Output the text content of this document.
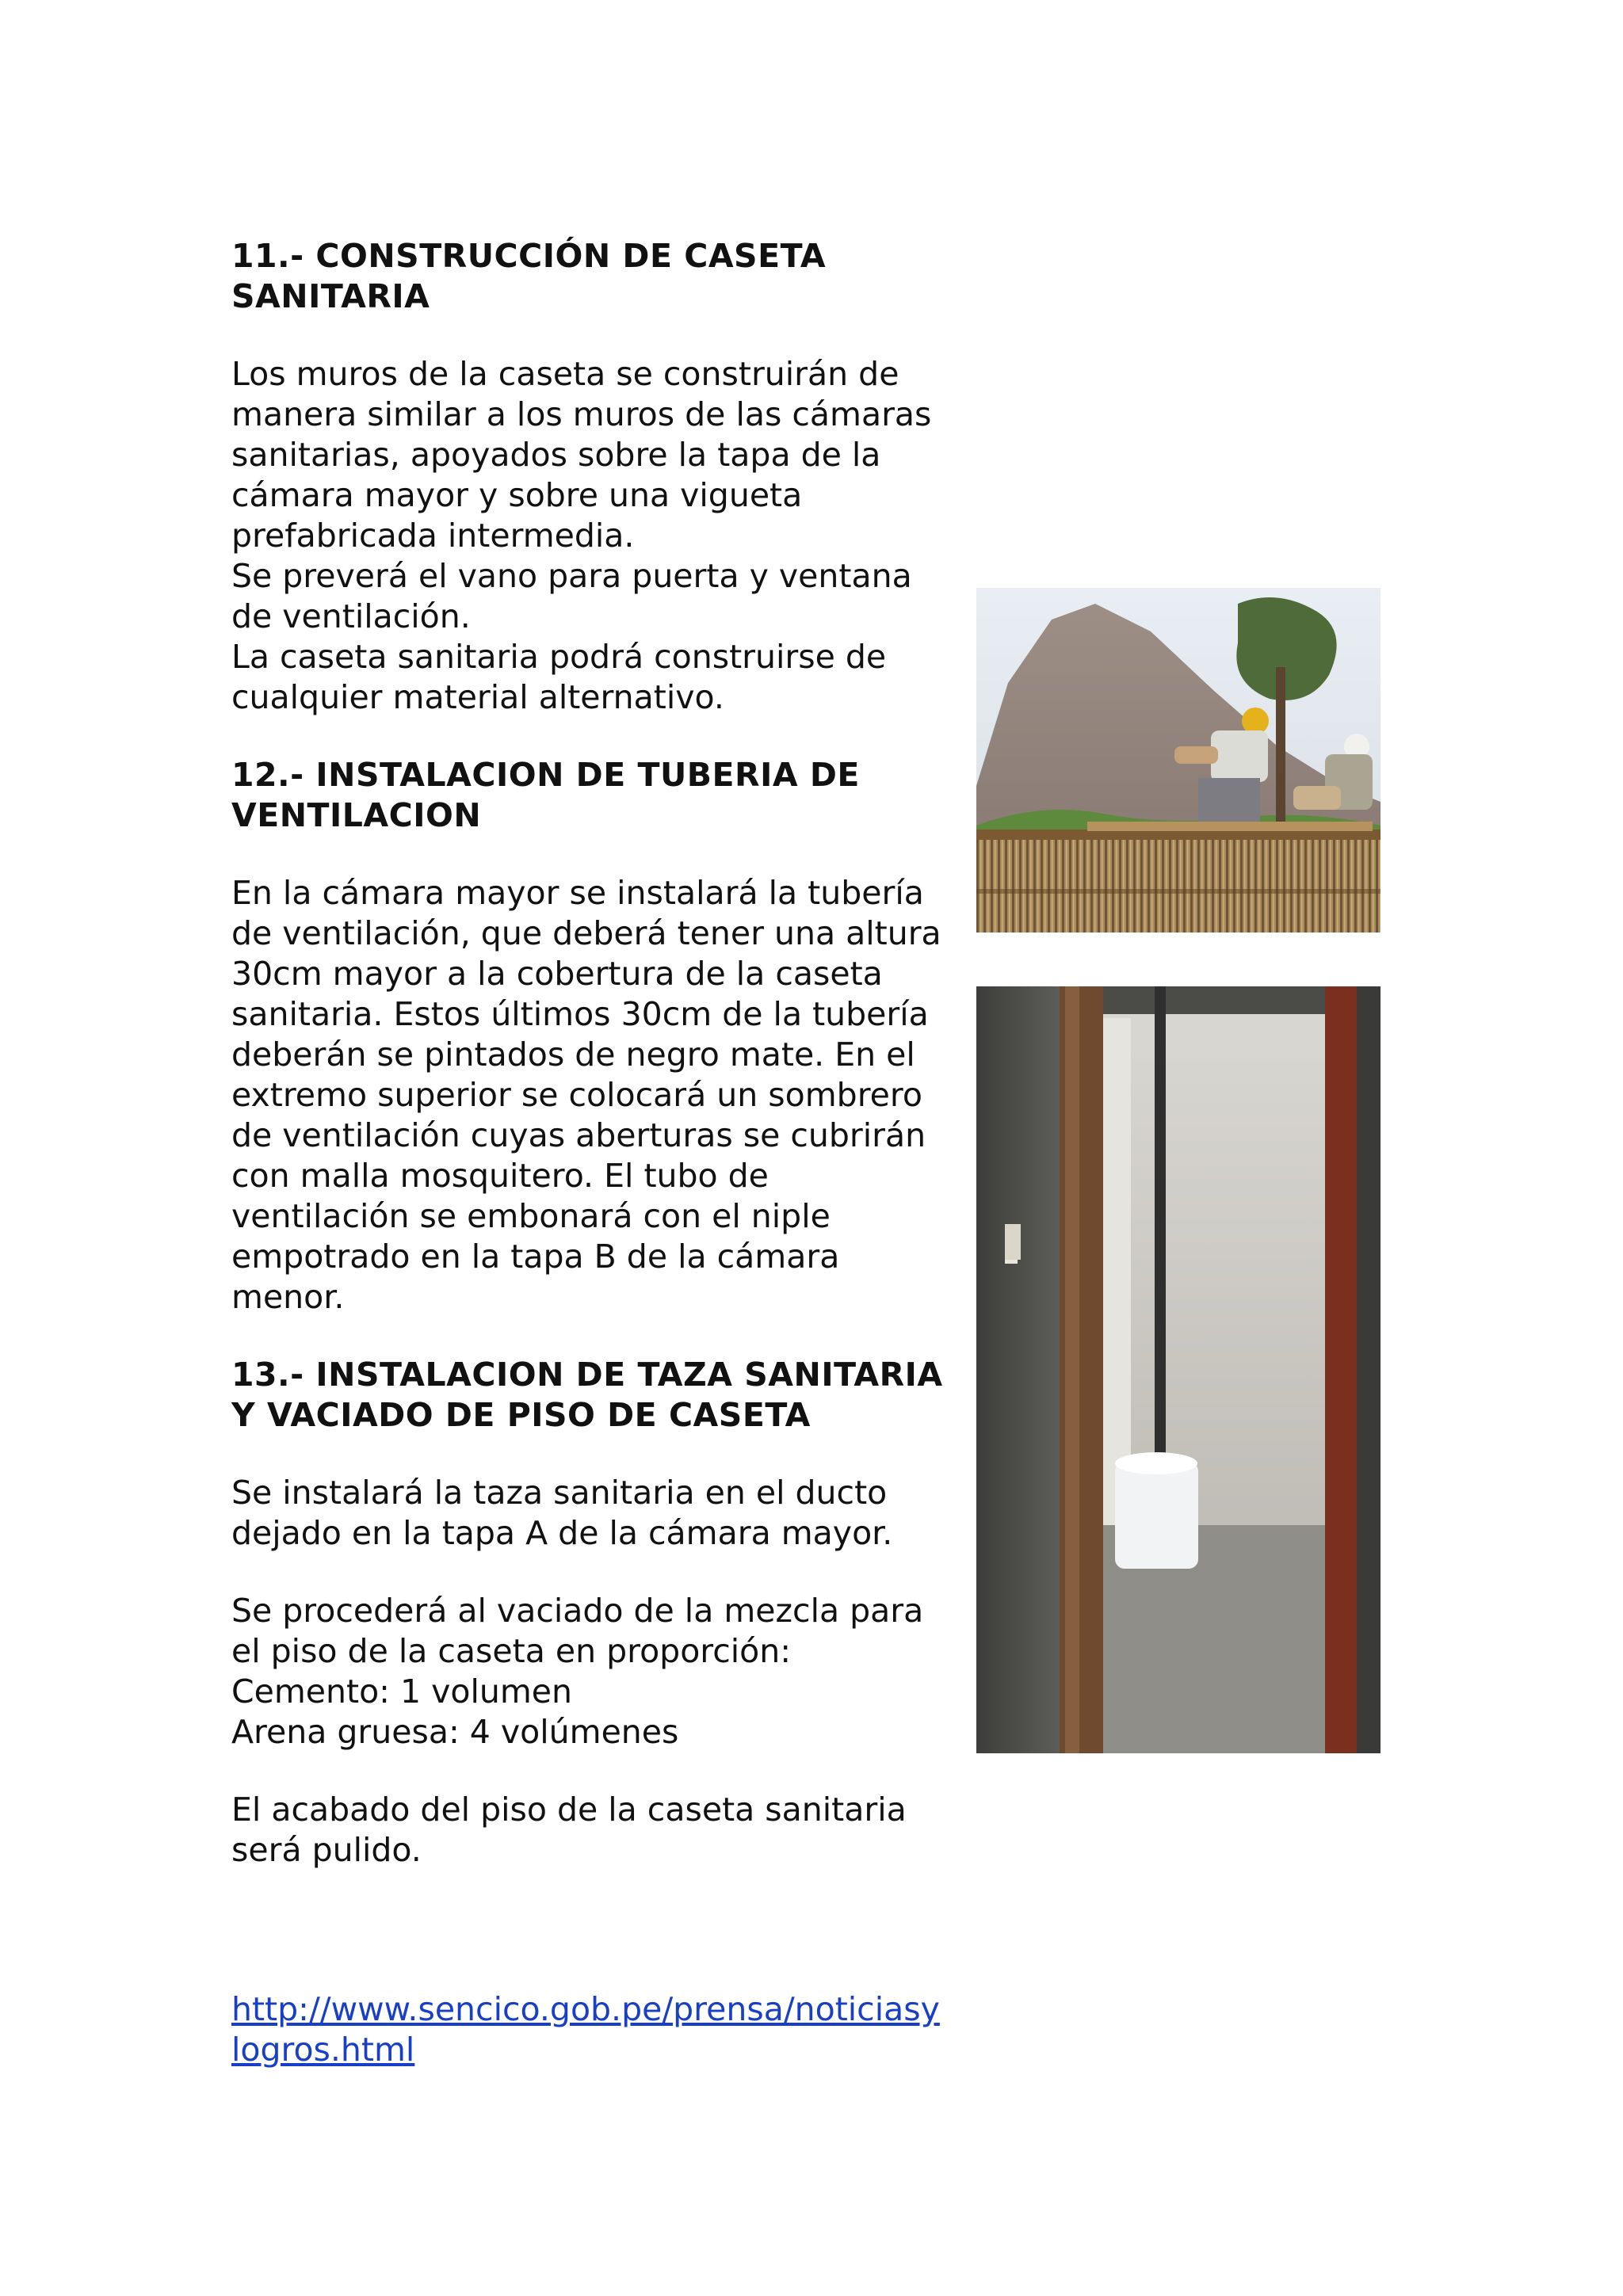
11.- CONSTRUCCIÓN DE CASETA
SANITARIA

Los muros de la caseta se construirán de
manera similar a los muros de las cámaras
sanitarias, apoyados sobre la tapa de la
cámara mayor y sobre una vigueta
prefabricada intermedia.
Se preverá el vano para puerta y ventana
de ventilación.
La caseta sanitaria podrá construirse de
cualquier material alternativo.

12.- INSTALACION DE TUBERIA DE
VENTILACION

En la cámara mayor se instalará la tubería
de ventilación, que deberá tener una altura
30cm mayor a la cobertura de la caseta
sanitaria. Estos últimos 30cm de la tubería
deberán se pintados de negro mate. En el
extremo superior se colocará un sombrero
de ventilación cuyas aberturas se cubrirán
con malla mosquitero. El tubo de
ventilación se embonará con el niple
empotrado en la tapa B de la cámara
menor.

13.- INSTALACION DE TAZA SANITARIA
Y VACIADO DE PISO DE CASETA

Se instalará la taza sanitaria en el ducto
dejado en la tapa A de la cámara mayor.

Se procederá al vaciado de la mezcla para
el piso de la caseta en proporción:
Cemento: 1 volumen
Arena gruesa: 4 volúmenes

El acabado del piso de la caseta sanitaria
será pulido.

http://www.sencico.gob.pe/prensa/noticiasy
logros.html
